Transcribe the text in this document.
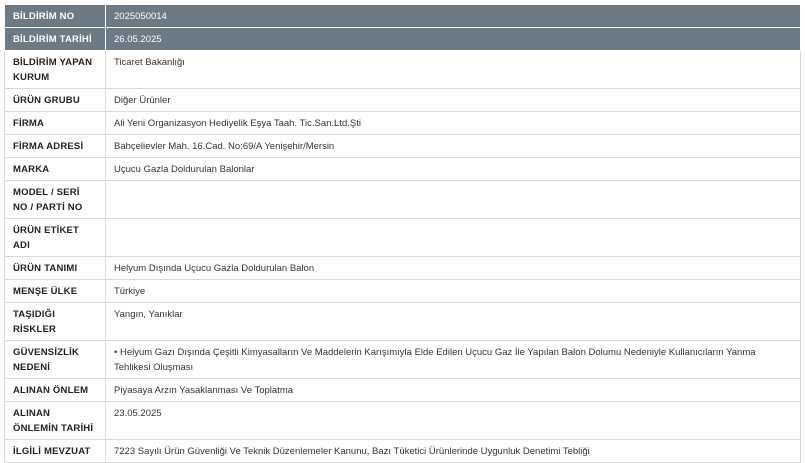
BİLDİRİM NO	2025050014
BİLDİRİM TARİHİ	26.05.2025
BİLDİRİM YAPAN KURUM	Ticaret Bakanlığı
ÜRÜN GRUBU	Diğer Ürünler
FİRMA	Ali Yeni Organizasyon Hediyelik Eşya Taah. Tic.San.Ltd.Şti
FİRMA ADRESİ	Bahçelievler Mah. 16.Cad. No:69/A Yenişehir/Mersin
MARKA	Uçucu Gazla Doldurulan Balonlar
MODEL / SERİ NO / PARTİ NO	
ÜRÜN ETİKET ADI	
ÜRÜN TANIMI	Helyum Dışında Uçucu Gazla Doldurulan Balon
MENŞE ÜLKE	Türkiye
TAŞIDIĞI RİSKLER	Yangın, Yanıklar
GÜVENSİZLİK NEDENİ	• Helyum Gazı Dışında Çeşitli Kimyasalların Ve Maddelerin Karışımıyla Elde Edilen Uçucu Gaz İle Yapılan Balon Dolumu Nedeniyle Kullanıcıların Yanma Tehlikesi Oluşması
ALINAN ÖNLEM	Piyasaya Arzın Yasaklanması Ve Toplatma
ALINAN ÖNLEMİN TARİHİ	23.05.2025
İLGİLİ MEVZUAT	7223 Sayılı Ürün Güvenliği Ve Teknik Düzenlemeler Kanunu, Bazı Tüketici Ürünlerinde Uygunluk Denetimi Tebliği
